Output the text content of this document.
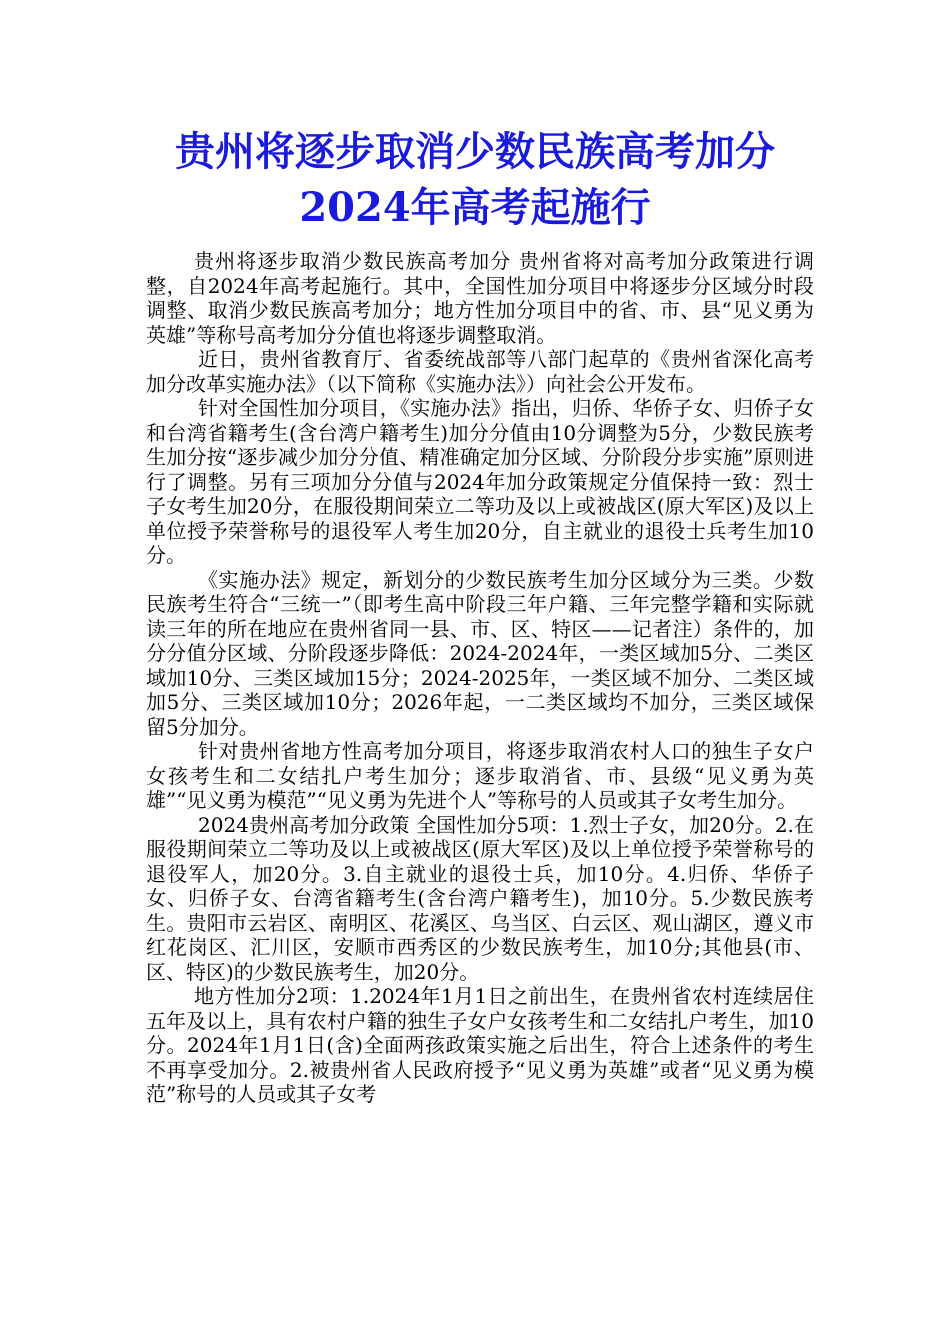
贵州将逐步取消少数民族高考加分
2024年高考起施行

贵州将逐步取消少数民族高考加分 贵州省将对高考加分政策进行调整，自2024年高考起施行。其中，全国性加分项目中将逐步分区域分时段调整、取消少数民族高考加分；地方性加分项目中的省、市、县“见义勇为英雄”等称号高考加分分值也将逐步调整取消。

近日，贵州省教育厅、省委统战部等八部门起草的《贵州省深化高考加分改革实施办法》（以下简称《实施办法》）向社会公开发布。

针对全国性加分项目，《实施办法》指出，归侨、华侨子女、归侨子女和台湾省籍考生(含台湾户籍考生)加分分值由10分调整为5分，少数民族考生加分按“逐步减少加分分值、精准确定加分区域、分阶段分步实施”原则进行了调整。另有三项加分分值与2024年加分政策规定分值保持一致：烈士子女考生加20分，在服役期间荣立二等功及以上或被战区(原大军区)及以上单位授予荣誉称号的退役军人考生加20分，自主就业的退役士兵考生加10分。

《实施办法》规定，新划分的少数民族考生加分区域分为三类。少数民族考生符合“三统一”（即考生高中阶段三年户籍、三年完整学籍和实际就读三年的所在地应在贵州省同一县、市、区、特区——记者注）条件的，加分分值分区域、分阶段逐步降低：2024-2024年，一类区域加5分、二类区域加10分、三类区域加15分；2024-2025年，一类区域不加分、二类区域加5分、三类区域加10分；2026年起，一二类区域均不加分，三类区域保留5分加分。

针对贵州省地方性高考加分项目，将逐步取消农村人口的独生子女户女孩考生和二女结扎户考生加分；逐步取消省、市、县级“见义勇为英雄”“见义勇为模范”“见义勇为先进个人”等称号的人员或其子女考生加分。

2024贵州高考加分政策 全国性加分5项：1.烈士子女，加20分。2.在服役期间荣立二等功及以上或被战区(原大军区)及以上单位授予荣誉称号的退役军人，加20分。3.自主就业的退役士兵，加10分。4.归侨、华侨子女、归侨子女、台湾省籍考生(含台湾户籍考生)，加10分。5.少数民族考生。贵阳市云岩区、南明区、花溪区、乌当区、白云区、观山湖区，遵义市红花岗区、汇川区，安顺市西秀区的少数民族考生，加10分;其他县(市、区、特区)的少数民族考生，加20分。

地方性加分2项：1.2024年1月1日之前出生，在贵州省农村连续居住五年及以上，具有农村户籍的独生子女户女孩考生和二女结扎户考生，加10分。2024年1月1日(含)全面两孩政策实施之后出生，符合上述条件的考生不再享受加分。2.被贵州省人民政府授予“见义勇为英雄”或者“见义勇为模范”称号的人员或其子女考
